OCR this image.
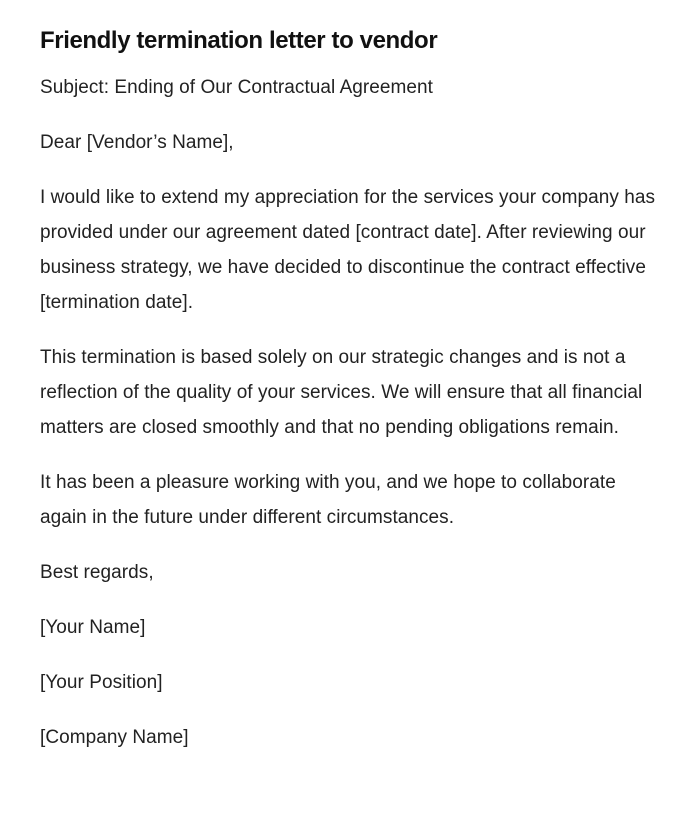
Friendly termination letter to vendor

Subject: Ending of Our Contractual Agreement

Dear [Vendor’s Name],

I would like to extend my appreciation for the services your company has provided under our agreement dated [contract date]. After reviewing our business strategy, we have decided to discontinue the contract effective [termination date].

This termination is based solely on our strategic changes and is not a reflection of the quality of your services. We will ensure that all financial matters are closed smoothly and that no pending obligations remain.

It has been a pleasure working with you, and we hope to collaborate again in the future under different circumstances.

Best regards,

[Your Name]

[Your Position]

[Company Name]
